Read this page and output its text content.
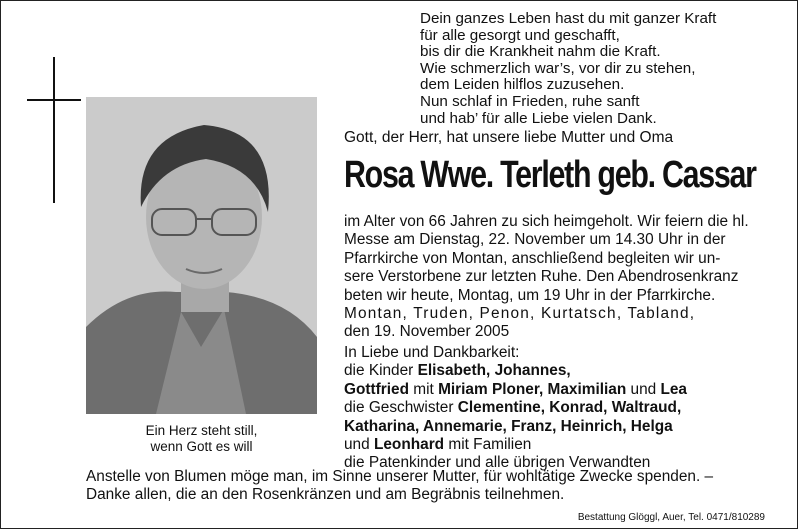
Dein ganzes Leben hast du mit ganzer Kraft
für alle gesorgt und geschafft,
bis dir die Krankheit nahm die Kraft.
Wie schmerzlich war’s, vor dir zu stehen,
dem Leiden hilflos zuzusehen.
Nun schlaf in Frieden, ruhe sanft
und hab’ für alle Liebe vielen Dank.
Ein Herz steht still,
wenn Gott es will
Gott, der Herr, hat unsere liebe Mutter und Oma
Rosa Wwe. Terleth geb. Cassar
im Alter von 66 Jahren zu sich heimgeholt. Wir feiern die hl.
Messe am Dienstag, 22. November um 14.30 Uhr in der
Pfarrkirche von Montan, anschließend begleiten wir un-
sere Verstorbene zur letzten Ruhe. Den Abendrosenkranz
beten wir heute, Montag, um 19 Uhr in der Pfarrkirche.
Montan, Truden, Penon, Kurtatsch, Tabland,
den 19. November 2005
In Liebe und Dankbarkeit:
die Kinder Elisabeth, Johannes,
Gottfried mit Miriam Ploner, Maximilian und Lea
die Geschwister Clementine, Konrad, Waltraud,
Katharina, Annemarie, Franz, Heinrich, Helga
und Leonhard mit Familien
die Patenkinder und alle übrigen Verwandten
Anstelle von Blumen möge man, im Sinne unserer Mutter, für wohltätige Zwecke spenden. –
Danke allen, die an den Rosenkränzen und am Begräbnis teilnehmen.
Bestattung Glöggl, Auer, Tel. 0471/810289
